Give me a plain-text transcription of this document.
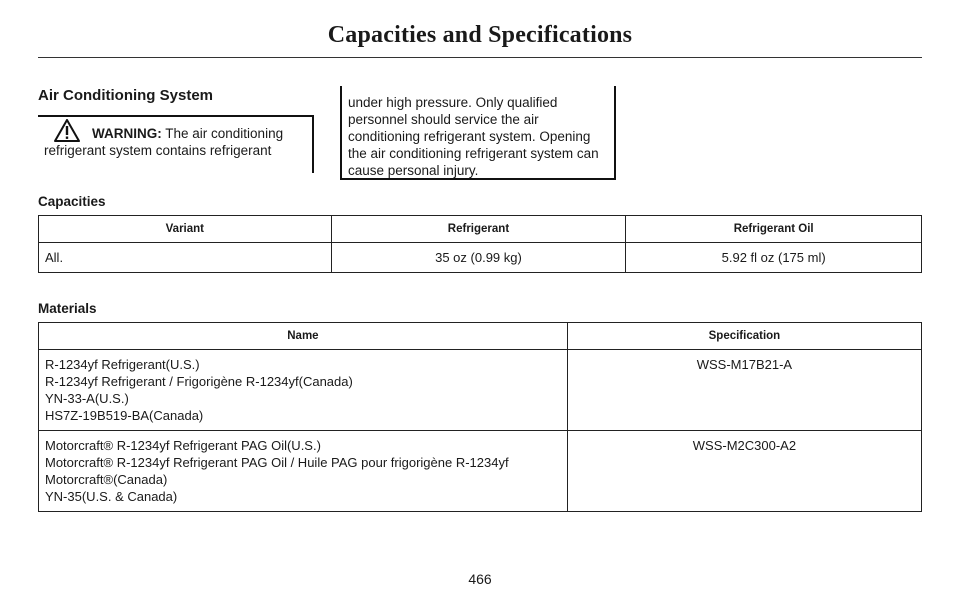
Capacities and Specifications
Air Conditioning System
WARNING: The air conditioning
refrigerant system contains refrigerant
under high pressure. Only qualified
personnel should service the air
conditioning refrigerant system. Opening
the air conditioning refrigerant system can
cause personal injury.
Capacities
Variant	Refrigerant	Refrigerant Oil
All.	35 oz (0.99 kg)	5.92 fl oz (175 ml)
Materials
Name	Specification

R-1234yf Refrigerant(U.S.)
R-1234yf Refrigerant / Frigorigène R-1234yf(Canada)
YN-33-A(U.S.)
HS7Z-19B519-BA(Canada)	WSS-M17B21-A

Motorcraft® R-1234yf Refrigerant PAG Oil(U.S.)
Motorcraft® R-1234yf Refrigerant PAG Oil / Huile PAG pour frigorigène R-1234yf
Motorcraft®(Canada)
YN-35(U.S. & Canada)	WSS-M2C300-A2
466
